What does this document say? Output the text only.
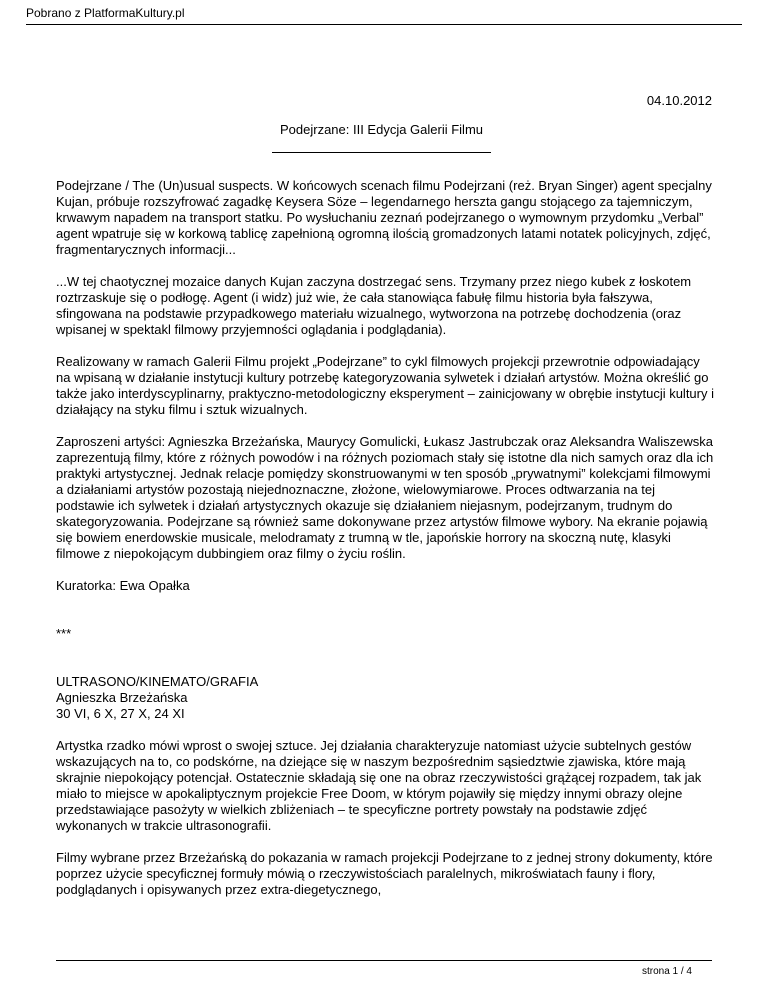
Pobrano z PlatformaKultury.pl
04.10.2012
Podejrzane: III Edycja Galerii Filmu

Podejrzane / The (Un)usual suspects. W końcowych scenach filmu Podejrzani (reż. Bryan Singer) agent specjalny Kujan, próbuje rozszyfrować zagadkę Keysera Söze – legendarnego herszta gangu stojącego za tajemniczym, krwawym napadem na transport statku. Po wysłuchaniu zeznań podejrzanego o wymownym przydomku „Verbal” agent wpatruje się w korkową tablicę zapełnioną ogromną ilością gromadzonych latami notatek policyjnych, zdjęć, fragmentarycznych informacji...

...W tej chaotycznej mozaice danych Kujan zaczyna dostrzegać sens. Trzymany przez niego kubek z łoskotem roztrzaskuje się o podłogę. Agent (i widz) już wie, że cała stanowiąca fabułę filmu historia była fałszywa, sfingowana na podstawie przypadkowego materiału wizualnego, wytworzona na potrzebę dochodzenia (oraz wpisanej w spektakl filmowy przyjemności oglądania i podglądania).

Realizowany w ramach Galerii Filmu projekt „Podejrzane” to cykl filmowych projekcji przewrotnie odpowiadający na wpisaną w działanie instytucji kultury potrzebę kategoryzowania sylwetek i działań artystów. Można określić go także jako interdyscyplinarny, praktyczno-metodologiczny eksperyment – zainicjowany w obrębie instytucji kultury i działający na styku filmu i sztuk wizualnych.

Zaproszeni artyści: Agnieszka Brzeżańska, Maurycy Gomulicki, Łukasz Jastrubczak oraz Aleksandra Waliszewska zaprezentują filmy, które z różnych powodów i na różnych poziomach stały się istotne dla nich samych oraz dla ich praktyki artystycznej. Jednak relacje pomiędzy skonstruowanymi w ten sposób „prywatnymi” kolekcjami filmowymi a działaniami artystów pozostają niejednoznaczne, złożone, wielowymiarowe. Proces odtwarzania na tej podstawie ich sylwetek i działań artystycznych okazuje się działaniem niejasnym, podejrzanym, trudnym do skategoryzowania. Podejrzane są również same dokonywane przez artystów filmowe wybory. Na ekranie pojawią się bowiem enerdowskie musicale, melodramaty z trumną w tle, japońskie horrory na skoczną nutę, klasyki filmowe z niepokojącym dubbingiem oraz filmy o życiu roślin.

Kuratorka: Ewa Opałka

***

ULTRASONO/KINEMATO/GRAFIA
Agnieszka Brzeżańska
30 VI, 6 X, 27 X, 24 XI

Artystka rzadko mówi wprost o swojej sztuce. Jej działania charakteryzuje natomiast użycie subtelnych gestów wskazujących na to, co podskórne, na dziejące się w naszym bezpośrednim sąsiedztwie zjawiska, które mają skrajnie niepokojący potencjał. Ostatecznie składają się one na obraz rzeczywistości grążącej rozpadem, tak jak miało to miejsce w apokaliptycznym projekcie Free Doom, w którym pojawiły się między innymi obrazy olejne przedstawiające pasożyty w wielkich zbliżeniach – te specyficzne portrety powstały na podstawie zdjęć wykonanych w trakcie ultrasonografii.

Filmy wybrane przez Brzeżańską do pokazania w ramach projekcji Podejrzane to z jednej strony dokumenty, które poprzez użycie specyficznej formuły mówią o rzeczywistościach paralelnych, mikroświatach fauny i flory, podglądanych i opisywanych przez extra-diegetycznego,

strona 1 / 4
